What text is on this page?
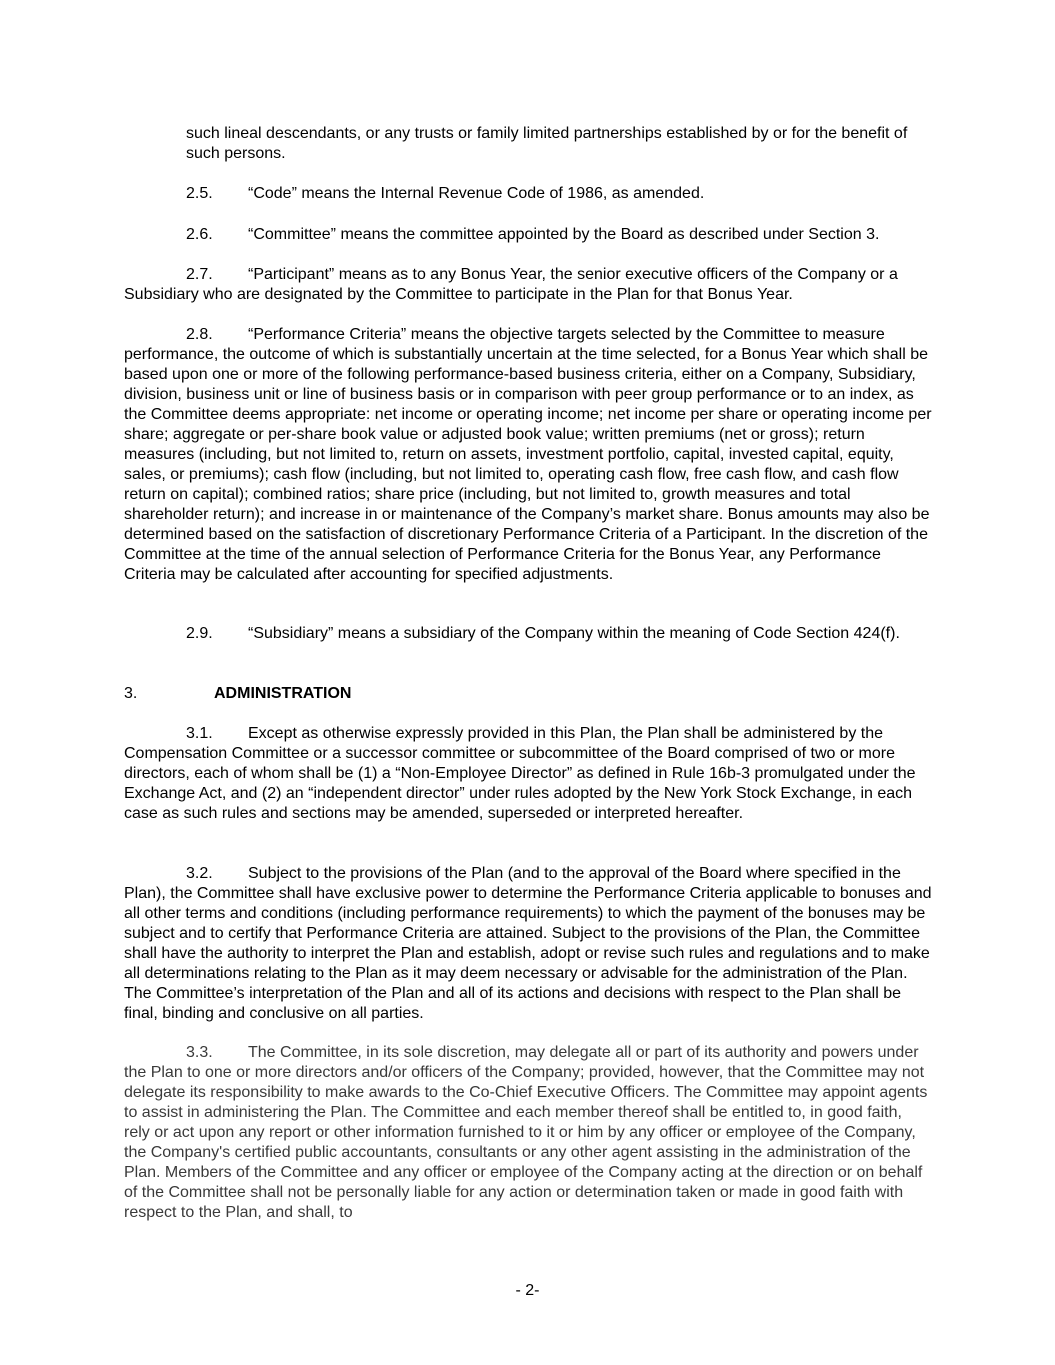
such lineal descendants, or any trusts or family limited partnerships established by or for the benefit of such persons.

2.5. “Code” means the Internal Revenue Code of 1986, as amended.

2.6. “Committee” means the committee appointed by the Board as described under Section 3.

2.7. “Participant” means as to any Bonus Year, the senior executive officers of the Company or a Subsidiary who are designated by the Committee to participate in the Plan for that Bonus Year.

2.8. “Performance Criteria” means the objective targets selected by the Committee to measure performance, the outcome of which is substantially uncertain at the time selected, for a Bonus Year which shall be based upon one or more of the following performance-based business criteria, either on a Company, Subsidiary, division, business unit or line of business basis or in comparison with peer group performance or to an index, as the Committee deems appropriate: net income or operating income; net income per share or operating income per share; aggregate or per-share book value or adjusted book value; written premiums (net or gross); return measures (including, but not limited to, return on assets, investment portfolio, capital, invested capital, equity, sales, or premiums); cash flow (including, but not limited to, operating cash flow, free cash flow, and cash flow return on capital); combined ratios; share price (including, but not limited to, growth measures and total shareholder return); and increase in or maintenance of the Company’s market share. Bonus amounts may also be determined based on the satisfaction of discretionary Performance Criteria of a Participant. In the discretion of the Committee at the time of the annual selection of Performance Criteria for the Bonus Year, any Performance Criteria may be calculated after accounting for specified adjustments.

2.9. “Subsidiary” means a subsidiary of the Company within the meaning of Code Section 424(f).

3.	ADMINISTRATION

3.1. Except as otherwise expressly provided in this Plan, the Plan shall be administered by the Compensation Committee or a successor committee or subcommittee of the Board comprised of two or more directors, each of whom shall be (1) a “Non-Employee Director” as defined in Rule 16b-3 promulgated under the Exchange Act, and (2) an “independent director” under rules adopted by the New York Stock Exchange, in each case as such rules and sections may be amended, superseded or interpreted hereafter.

3.2. Subject to the provisions of the Plan (and to the approval of the Board where specified in the Plan), the Committee shall have exclusive power to determine the Performance Criteria applicable to bonuses and all other terms and conditions (including performance requirements) to which the payment of the bonuses may be subject and to certify that Performance Criteria are attained. Subject to the provisions of the Plan, the Committee shall have the authority to interpret the Plan and establish, adopt or revise such rules and regulations and to make all determinations relating to the Plan as it may deem necessary or advisable for the administration of the Plan. The Committee’s interpretation of the Plan and all of its actions and decisions with respect to the Plan shall be final, binding and conclusive on all parties.

3.3. The Committee, in its sole discretion, may delegate all or part of its authority and powers under the Plan to one or more directors and/or officers of the Company; provided, however, that the Committee may not delegate its responsibility to make awards to the Co-Chief Executive Officers. The Committee may appoint agents to assist in administering the Plan. The Committee and each member thereof shall be entitled to, in good faith, rely or act upon any report or other information furnished to it or him by any officer or employee of the Company, the Company's certified public accountants, consultants or any other agent assisting in the administration of the Plan. Members of the Committee and any officer or employee of the Company acting at the direction or on behalf of the Committee shall not be personally liable for any action or determination taken or made in good faith with respect to the Plan, and shall, to

- 2-
